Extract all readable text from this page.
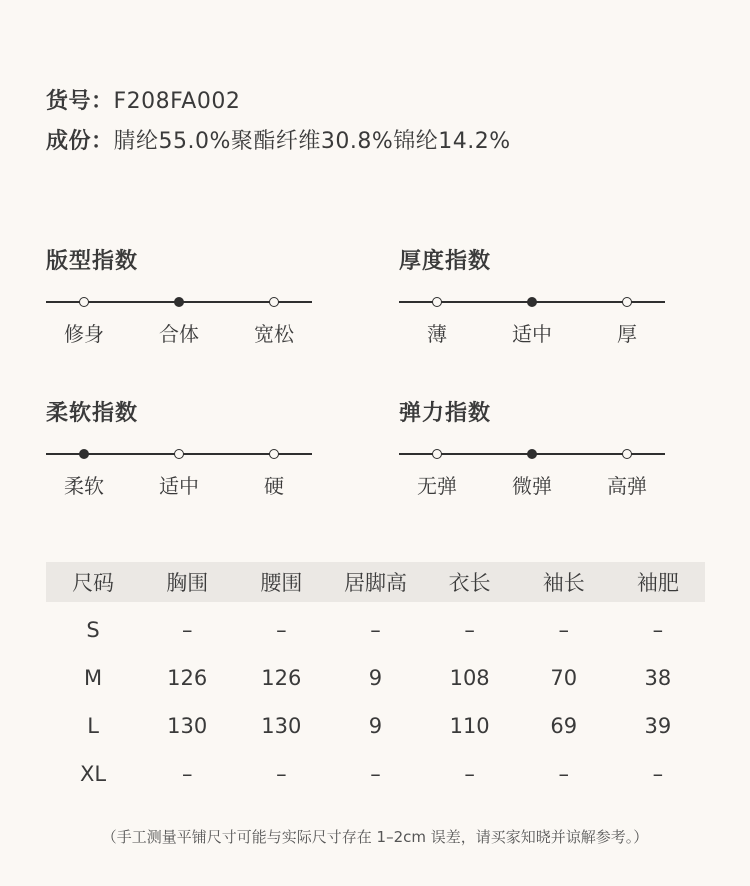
货号：F208FA002
成份：腈纶55.0%聚酯纤维30.8%锦纶14.2%
版型指数
修身	合体	宽松
厚度指数
薄	适中	厚
柔软指数
柔软	适中	硬
弹力指数
无弹	微弹	高弹
尺码	胸围	腰围	居脚高	衣长	袖长	袖肥
S	–	–	–	–	–	–
M	126	126	9	108	70	38
L	130	130	9	110	69	39
XL	–	–	–	–	–	–
（手工测量平铺尺寸可能与实际尺寸存在 1–2cm 误差，请买家知晓并谅解参考。）
